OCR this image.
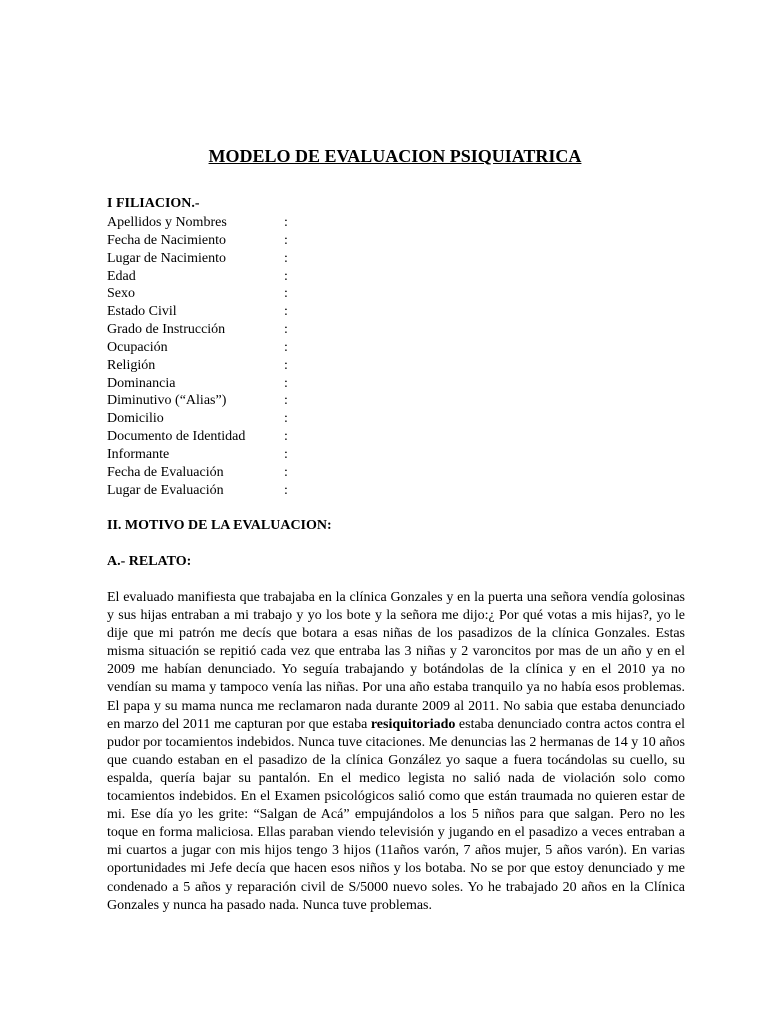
MODELO DE EVALUACION PSIQUIATRICA
I FILIACION.-
Apellidos y Nombres	:
Fecha de Nacimiento	:
Lugar de Nacimiento	:
Edad	:
Sexo	:
Estado Civil	:
Grado de Instrucción	:
Ocupación	:
Religión	:
Dominancia	:
Diminutivo (“Alias”)	:
Domicilio	:
Documento de Identidad	:
Informante	:
Fecha de Evaluación	:
Lugar de Evaluación	:
II. MOTIVO DE LA EVALUACION:
A.- RELATO:

El evaluado manifiesta que trabajaba en la clínica Gonzales y en la puerta una señora vendía golosinas y sus hijas entraban a mi trabajo y yo los bote y la señora me dijo:¿ Por qué votas a mis hijas?, yo le dije que mi patrón me decís que botara a esas niñas de los pasadizos de la clínica Gonzales. Estas misma situación se repitió cada vez que entraba las 3 niñas y 2 varoncitos por mas de un año y en el 2009 me habían denunciado. Yo seguía trabajando y botándolas de la clínica y en el 2010 ya no vendían su mama y tampoco venía las niñas. Por una año estaba tranquilo ya no había esos problemas. El papa y su mama nunca me reclamaron nada durante 2009 al 2011. No sabia que estaba denunciado en marzo del 2011 me capturan por que estaba resiquitoriado estaba denunciado contra actos contra el pudor por tocamientos indebidos. Nunca tuve citaciones. Me denuncias las 2 hermanas de 14 y 10 años que cuando estaban en el pasadizo de la clínica González yo saque a fuera tocándolas su cuello, su espalda, quería bajar su pantalón. En el medico legista no salió nada de violación solo como tocamientos indebidos. En el Examen psicológicos salió como que están traumada no quieren estar de mi. Ese día yo les grite: “Salgan de Acá” empujándolos a los 5 niños para que salgan. Pero no les toque en forma maliciosa. Ellas paraban viendo televisión y jugando en el pasadizo a veces entraban a mi cuartos a jugar con mis hijos tengo 3 hijos (11años varón, 7 años mujer, 5 años varón). En varias oportunidades mi Jefe decía que hacen esos niños y los botaba. No se por que estoy denunciado y me condenado a 5 años y reparación civil de S/5000 nuevo soles. Yo he trabajado 20 años en la Clínica Gonzales y nunca ha pasado nada. Nunca tuve problemas.
